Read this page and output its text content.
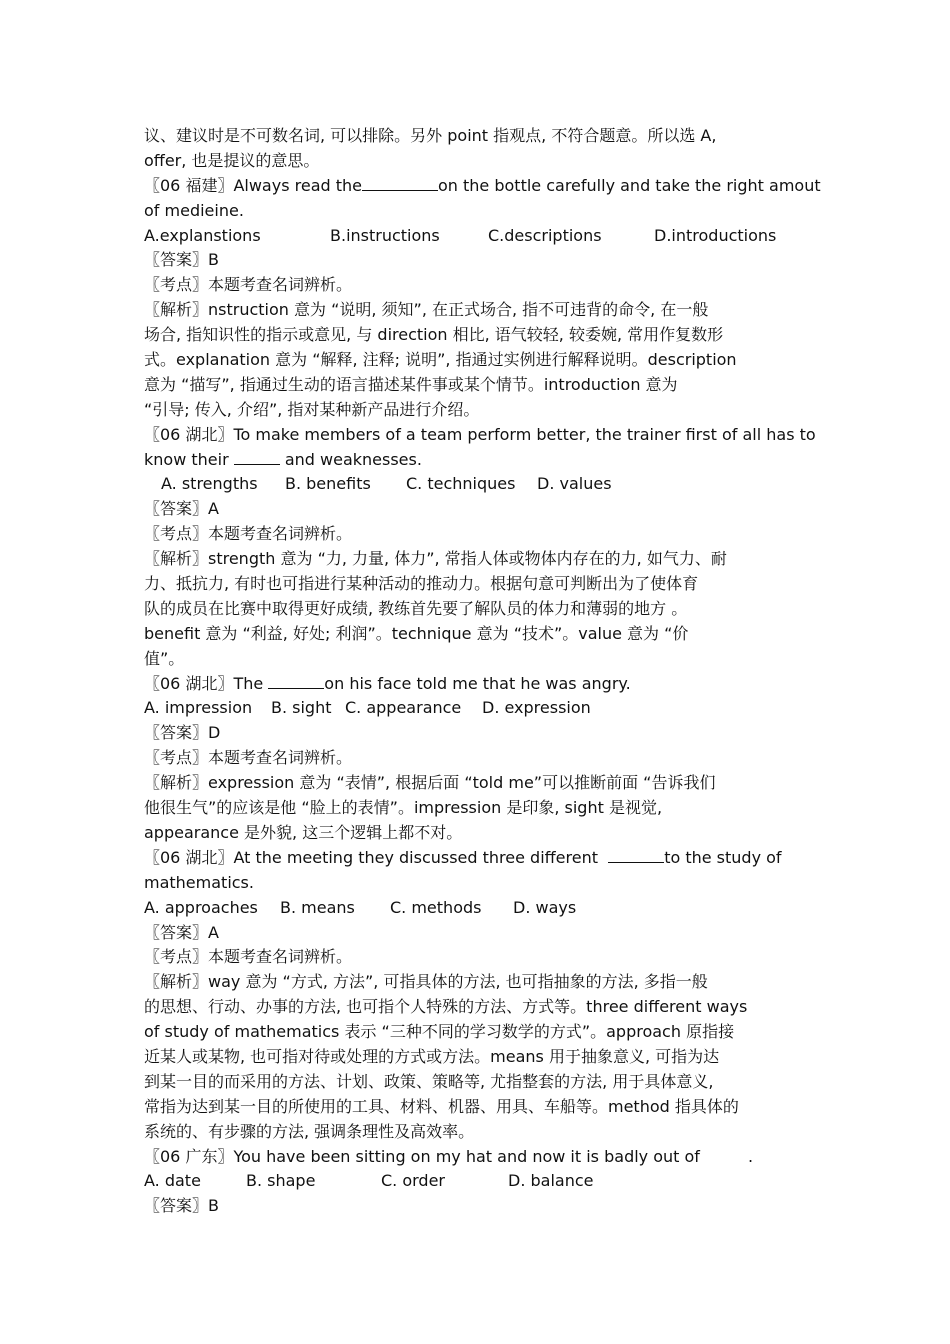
议、建议时是不可数名词, 可以排除。另外 point 指观点, 不符合题意。所以选 A,
offer, 也是提议的意思。
〖06 福建〗Always read the	on the bottle carefully and take the right amout
of medieine.
A.explanstions	B.instructions	C.descriptions	D.introductions
〖答案〗B
〖考点〗本题考查名词辨析。
〖解析〗nstruction 意为 “说明, 须知”, 在正式场合, 指不可违背的命令, 在一般
场合, 指知识性的指示或意见, 与 direction 相比, 语气较轻, 较委婉, 常用作复数形
式。explanation 意为 “解释, 注释; 说明”, 指通过实例进行解释说明。description
意为 “描写”, 指通过生动的语言描述某件事或某个情节。introduction 意为
“引导; 传入, 介绍”, 指对某种新产品进行介绍。
〖06 湖北〗To make members of a team perform better, the trainer first of all has to
know their	and weaknesses.
A. strengths	B. benefits	C. techniques	D. values
〖答案〗A
〖考点〗本题考查名词辨析。
〖解析〗strength 意为 “力, 力量, 体力”, 常指人体或物体内存在的力, 如气力、耐
力、抵抗力, 有时也可指进行某种活动的推动力。根据句意可判断出为了使体育
队的成员在比赛中取得更好成绩, 教练首先要了解队员的体力和薄弱的地方 。
benefit 意为 “利益, 好处; 利润”。technique 意为 “技术”。value 意为 “价
值”。
〖06 湖北〗The	on his face told me that he was angry.
A. impression	B. sight C. appearance	D. expression
〖答案〗D
〖考点〗本题考查名词辨析。
〖解析〗expression 意为 “表情”, 根据后面 “told me”可以推断前面 “告诉我们
他很生气”的应该是他 “脸上的表情”。impression 是印象, sight 是视觉,
appearance 是外貌, 这三个逻辑上都不对。
〖06 湖北〗At the meeting they discussed three different	to the study of
mathematics.
A. approaches	B. means	C. methods	D. ways
〖答案〗A
〖考点〗本题考查名词辨析。
〖解析〗way 意为 “方式, 方法”, 可指具体的方法, 也可指抽象的方法, 多指一般
的思想、行动、办事的方法, 也可指个人特殊的方法、方式等。three different ways
of study of mathematics 表示 “三种不同的学习数学的方式”。approach 原指接
近某人或某物, 也可指对待或处理的方式或方法。means 用于抽象意义, 可指为达
到某一目的而采用的方法、计划、政策、策略等, 尤指整套的方法, 用于具体意义,
常指为达到某一目的所使用的工具、材料、机器、用具、车船等。method 指具体的
系统的、有步骤的方法, 强调条理性及高效率。
〖06 广东〗You have been sitting on my hat and now it is badly out of	.
A. date	B. shape	C. order	D. balance
〖答案〗B
